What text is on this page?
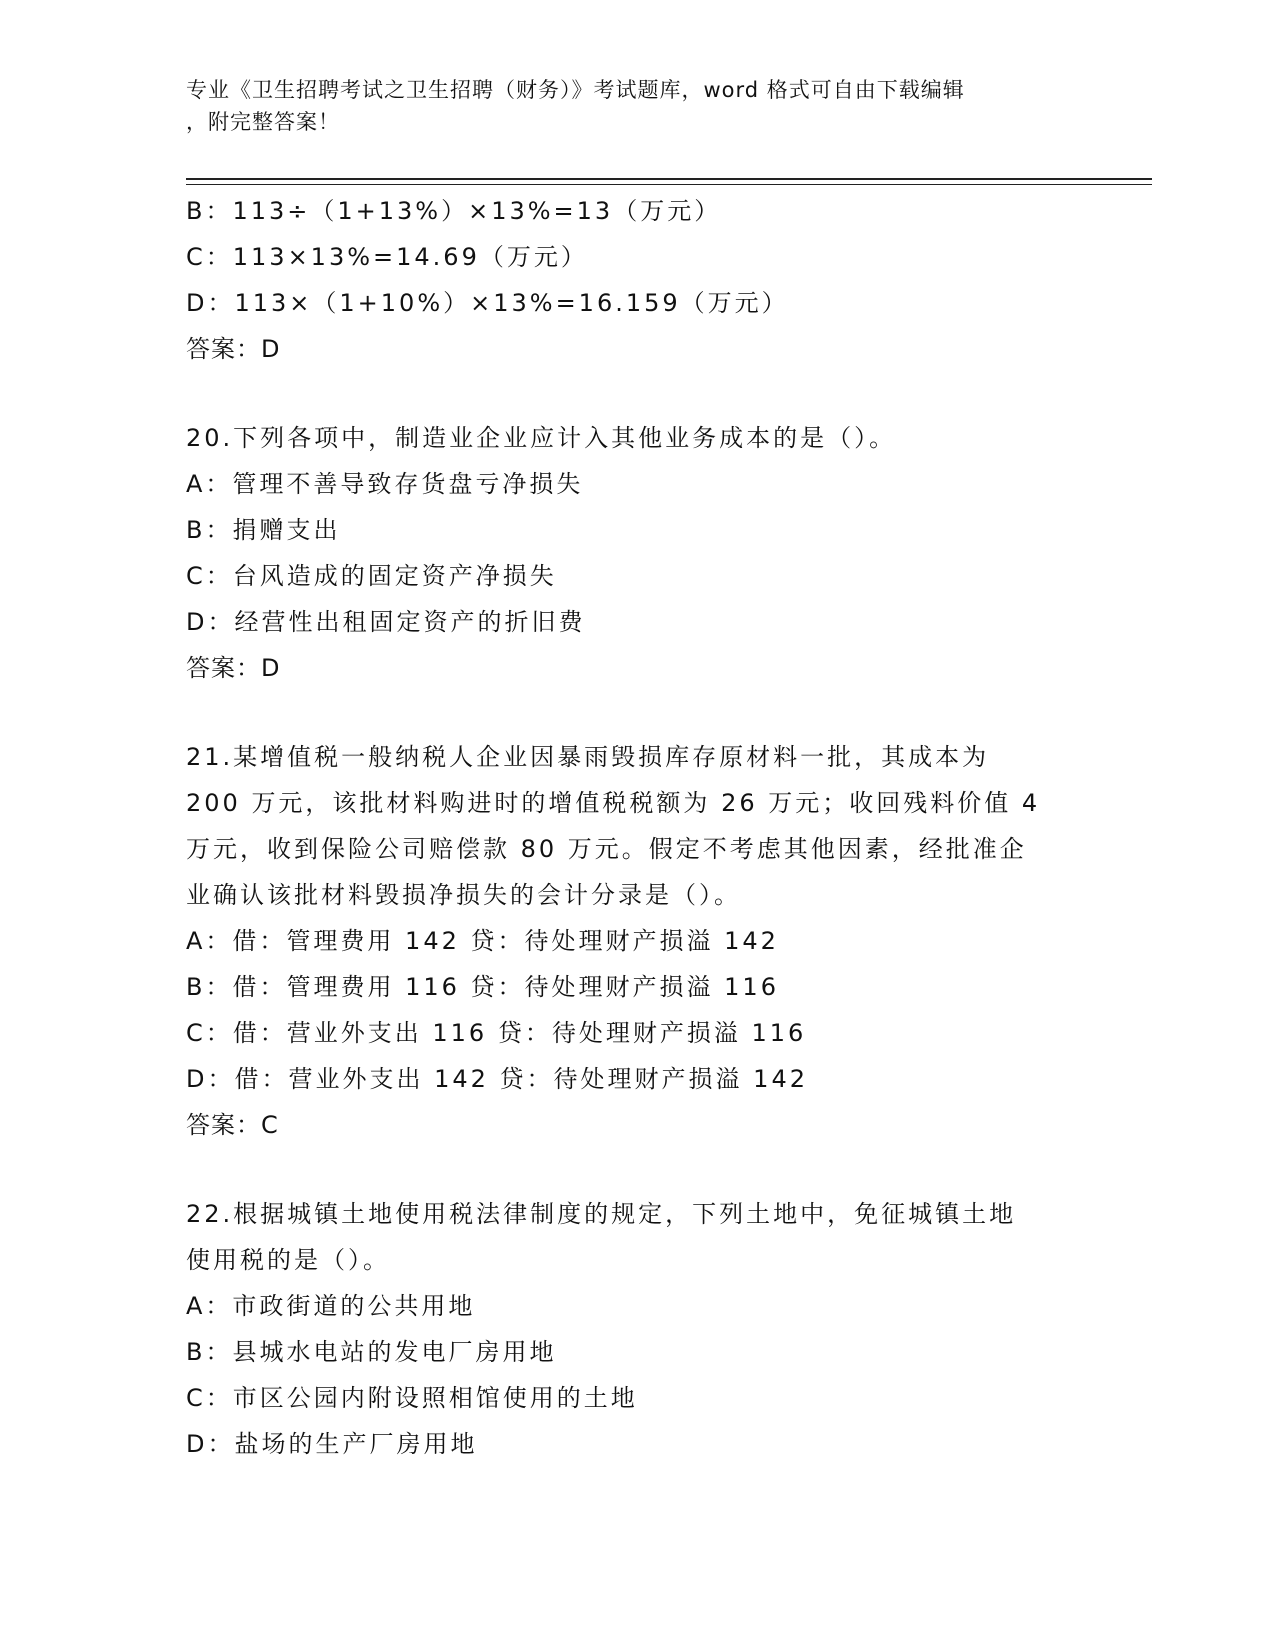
专业《卫生招聘考试之卫生招聘（财务）》考试题库，word 格式可自由下载编辑
，附完整答案！
B：113÷（1+13%）×13%=13（万元）
C：113×13%=14.69（万元）
D：113×（1+10%）×13%=16.159（万元）
答案：D
20.下列各项中，制造业企业应计入其他业务成本的是（）。
A：管理不善导致存货盘亏净损失
B：捐赠支出
C：台风造成的固定资产净损失
D：经营性出租固定资产的折旧费
答案：D
21.某增值税一般纳税人企业因暴雨毁损库存原材料一批，其成本为
200 万元，该批材料购进时的增值税税额为 26 万元；收回残料价值 4
万元，收到保险公司赔偿款 80 万元。假定不考虑其他因素，经批准企
业确认该批材料毁损净损失的会计分录是（）。
A：借：管理费用 142 贷：待处理财产损溢 142
B：借：管理费用 116 贷：待处理财产损溢 116
C：借：营业外支出 116 贷：待处理财产损溢 116
D：借：营业外支出 142 贷：待处理财产损溢 142
答案：C
22.根据城镇土地使用税法律制度的规定，下列土地中，免征城镇土地
使用税的是（）。
A：市政街道的公共用地
B：县城水电站的发电厂房用地
C：市区公园内附设照相馆使用的土地
D：盐场的生产厂房用地
